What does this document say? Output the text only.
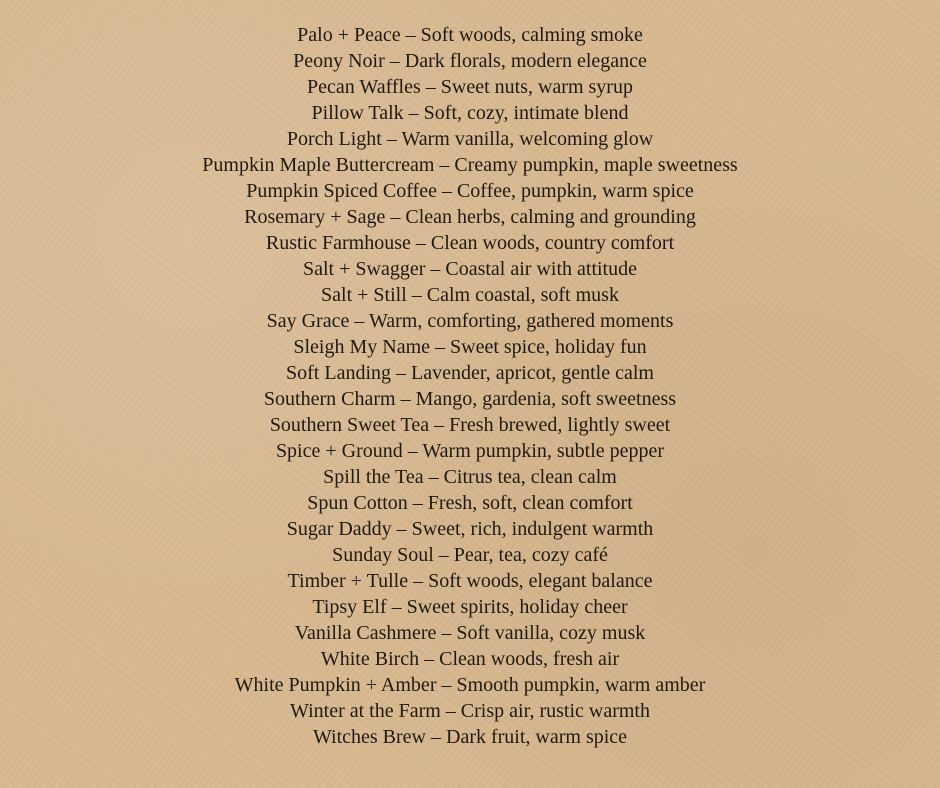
Palo + Peace – Soft woods, calming smoke
Peony Noir – Dark florals, modern elegance
Pecan Waffles – Sweet nuts, warm syrup
Pillow Talk – Soft, cozy, intimate blend
Porch Light – Warm vanilla, welcoming glow
Pumpkin Maple Buttercream – Creamy pumpkin, maple sweetness
Pumpkin Spiced Coffee – Coffee, pumpkin, warm spice
Rosemary + Sage – Clean herbs, calming and grounding
Rustic Farmhouse – Clean woods, country comfort
Salt + Swagger – Coastal air with attitude
Salt + Still – Calm coastal, soft musk
Say Grace – Warm, comforting, gathered moments
Sleigh My Name – Sweet spice, holiday fun
Soft Landing – Lavender, apricot, gentle calm
Southern Charm – Mango, gardenia, soft sweetness
Southern Sweet Tea – Fresh brewed, lightly sweet
Spice + Ground – Warm pumpkin, subtle pepper
Spill the Tea – Citrus tea, clean calm
Spun Cotton – Fresh, soft, clean comfort
Sugar Daddy – Sweet, rich, indulgent warmth
Sunday Soul – Pear, tea, cozy café
Timber + Tulle – Soft woods, elegant balance
Tipsy Elf – Sweet spirits, holiday cheer
Vanilla Cashmere – Soft vanilla, cozy musk
White Birch – Clean woods, fresh air
White Pumpkin + Amber – Smooth pumpkin, warm amber
Winter at the Farm – Crisp air, rustic warmth
Witches Brew – Dark fruit, warm spice
